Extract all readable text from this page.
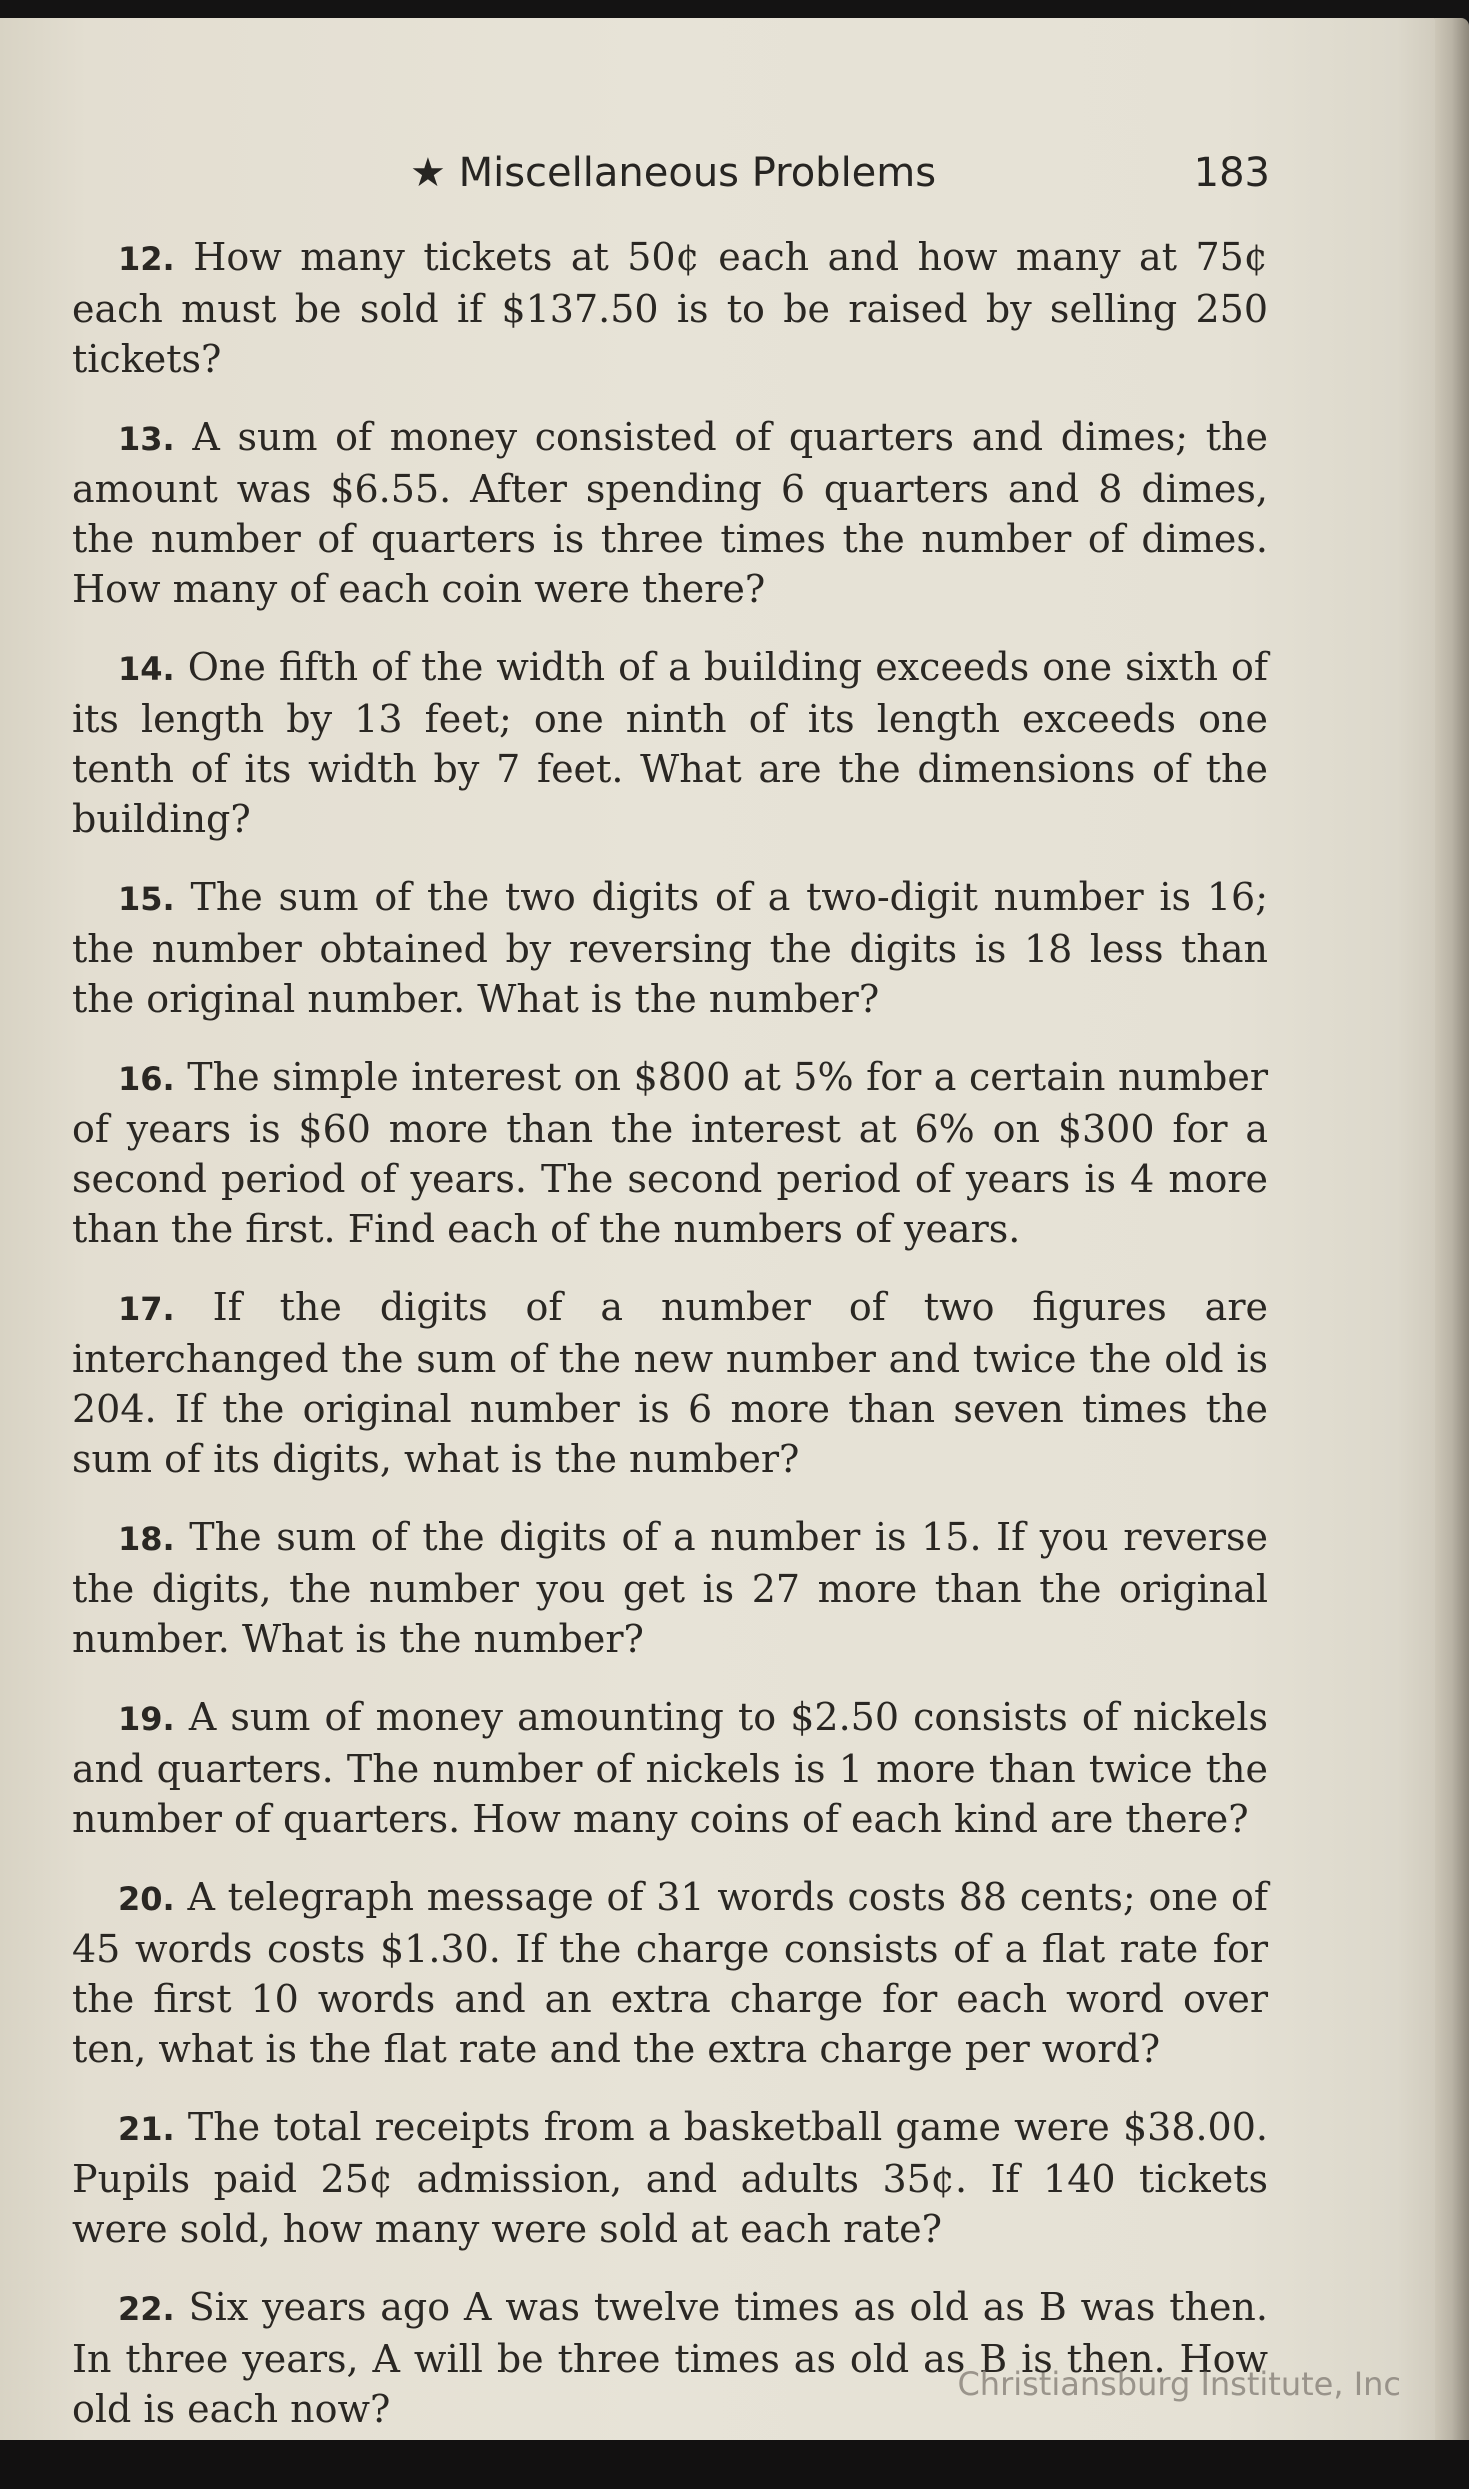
★ Miscellaneous Problems	183

12. How many tickets at 50¢ each and how many at 75¢ each must be sold if $137.50 is to be raised by selling 250 tickets?

13. A sum of money consisted of quarters and dimes; the amount was $6.55. After spending 6 quarters and 8 dimes, the number of quarters is three times the number of dimes. How many of each coin were there?

14. One fifth of the width of a building exceeds one sixth of its length by 13 feet; one ninth of its length exceeds one tenth of its width by 7 feet. What are the dimensions of the building?

15. The sum of the two digits of a two-digit number is 16; the number obtained by reversing the digits is 18 less than the original number. What is the number?

16. The simple interest on $800 at 5% for a certain number of years is $60 more than the interest at 6% on $300 for a second period of years. The second period of years is 4 more than the first. Find each of the numbers of years.

17. If the digits of a number of two figures are interchanged the sum of the new number and twice the old is 204. If the original number is 6 more than seven times the sum of its digits, what is the number?

18. The sum of the digits of a number is 15. If you reverse the digits, the number you get is 27 more than the original number. What is the number?

19. A sum of money amounting to $2.50 consists of nickels and quarters. The number of nickels is 1 more than twice the number of quarters. How many coins of each kind are there?

20. A telegraph message of 31 words costs 88 cents; one of 45 words costs $1.30. If the charge consists of a flat rate for the first 10 words and an extra charge for each word over ten, what is the flat rate and the extra charge per word?

21. The total receipts from a basketball game were $38.00. Pupils paid 25¢ admission, and adults 35¢. If 140 tickets were sold, how many were sold at each rate?

22. Six years ago A was twelve times as old as B was then. In three years, A will be three times as old as B is then. How old is each now?

Christiansburg Institute, Inc
